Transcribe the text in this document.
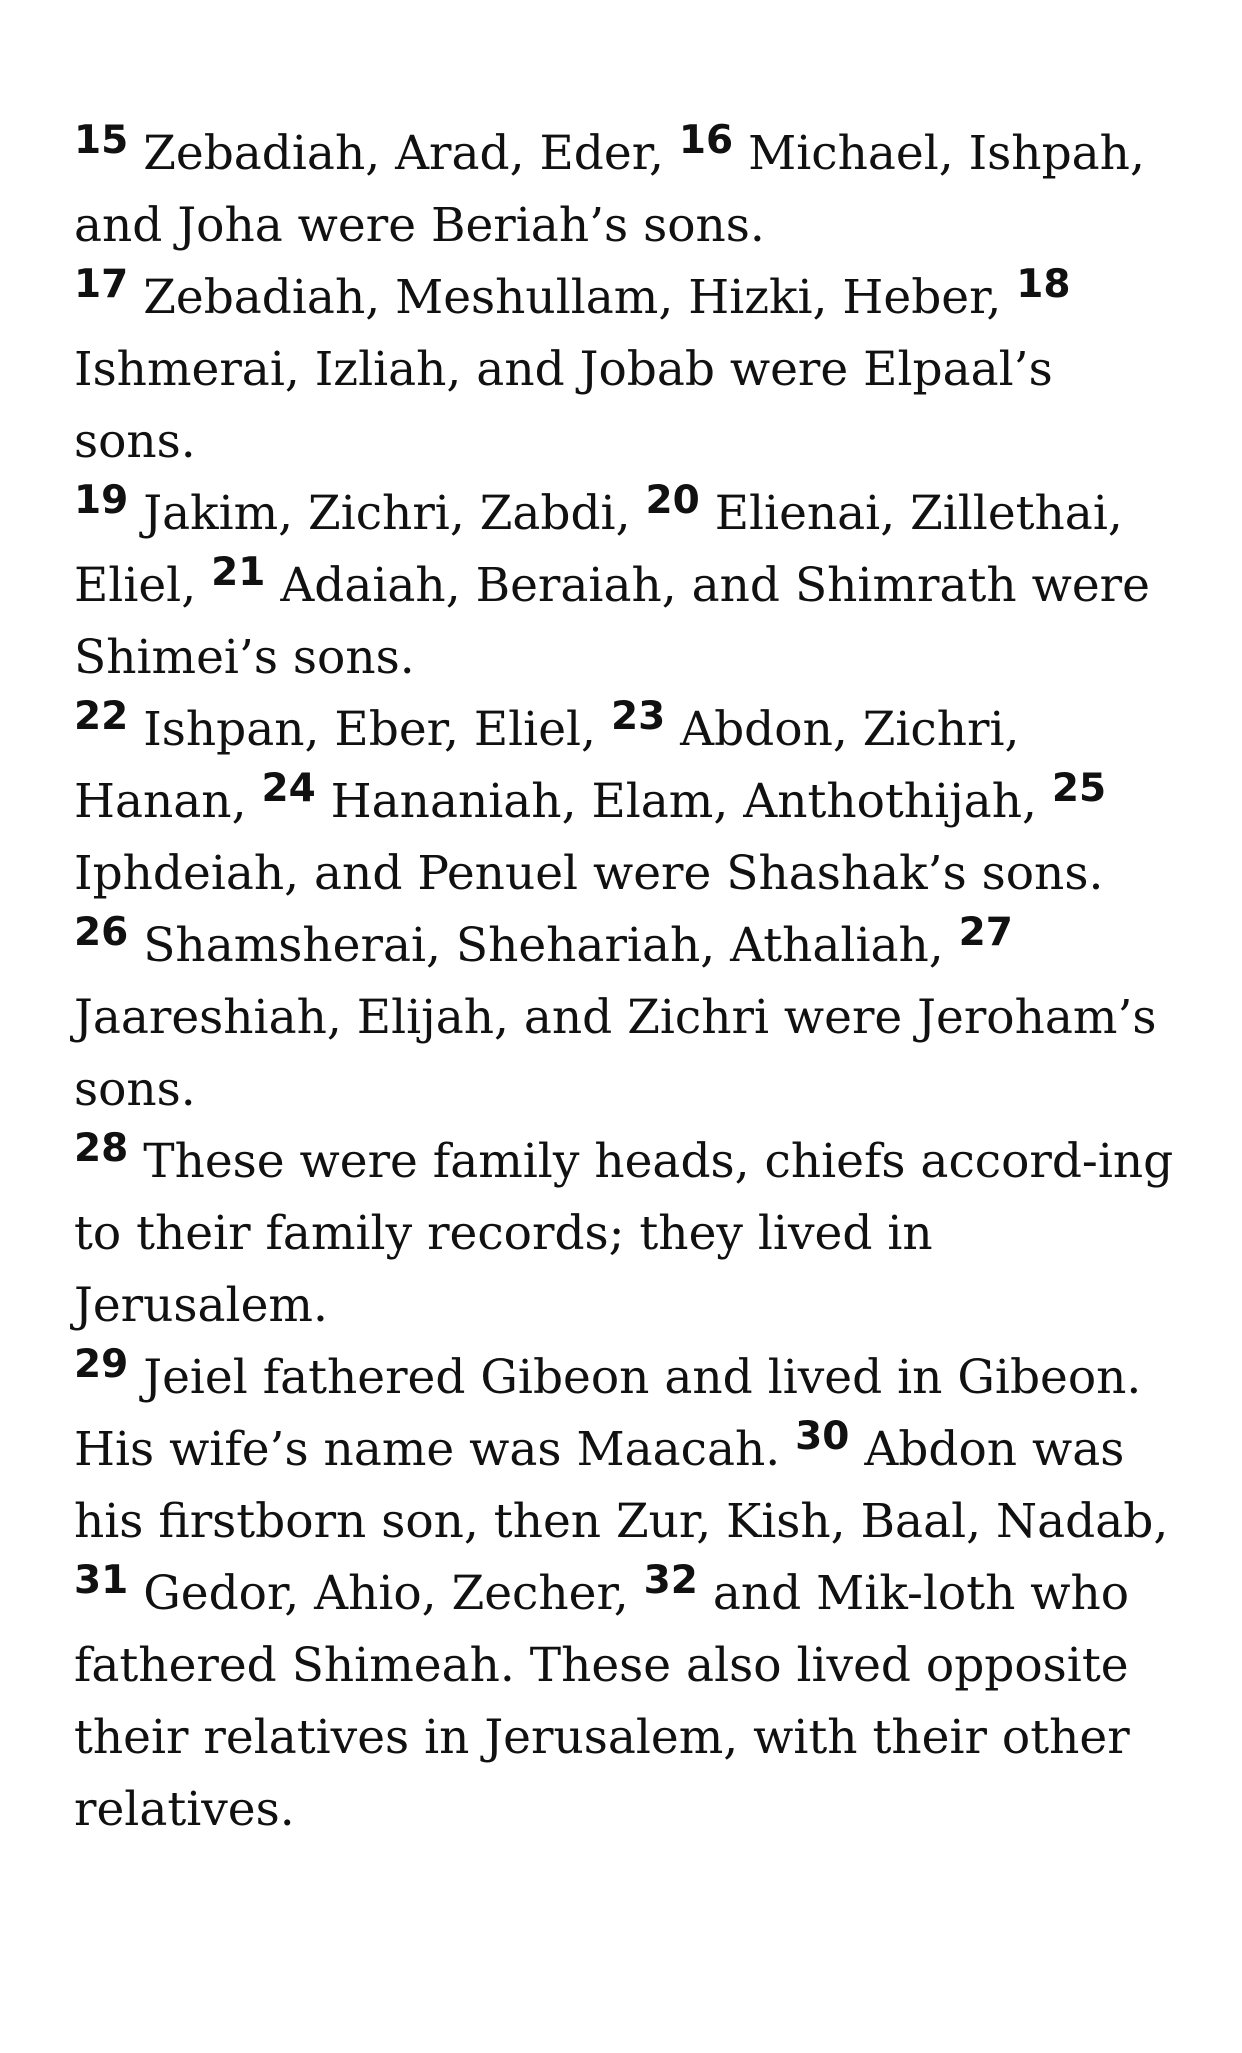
$^{15}$ Zebadiah, Arad, Eder, $^{16}$ Michael, Ishpah, and Joha were Beriah’s sons.

$^{17}$ Zebadiah, Meshullam, Hizki, Heber, $^{18}$ Ishmerai, Izliah, and Jobab were Elpaal’s sons.

$^{19}$ Jakim, Zichri, Zabdi, $^{20}$ Elienai, Zillethai, Eliel, $^{21}$ Adaiah, Beraiah, and Shimrath were Shimei’s sons.

$^{22}$ Ishpan, Eber, Eliel, $^{23}$ Abdon, Zichri, Hanan, $^{24}$ Hananiah, Elam, Anthothijah, $^{25}$ Iphdeiah, and Penuel were Shashak’s sons.

$^{26}$ Shamsherai, Shehariah, Athaliah, $^{27}$ Jaareshiah, Elijah, and Zichri were Jeroham’s sons.

$^{28}$ These were family heads, chiefs accord-ing to their family records; they lived in Jerusalem.

$^{29}$ Jeiel fathered Gibeon and lived in Gibeon. His wife’s name was Maacah. $^{30}$ Abdon was his firstborn son, then Zur, Kish, Baal, Nadab, $^{31}$ Gedor, Ahio, Zecher, $^{32}$ and Mik-loth who fathered Shimeah. These also lived opposite their relatives in Jerusalem, with their other relatives.
